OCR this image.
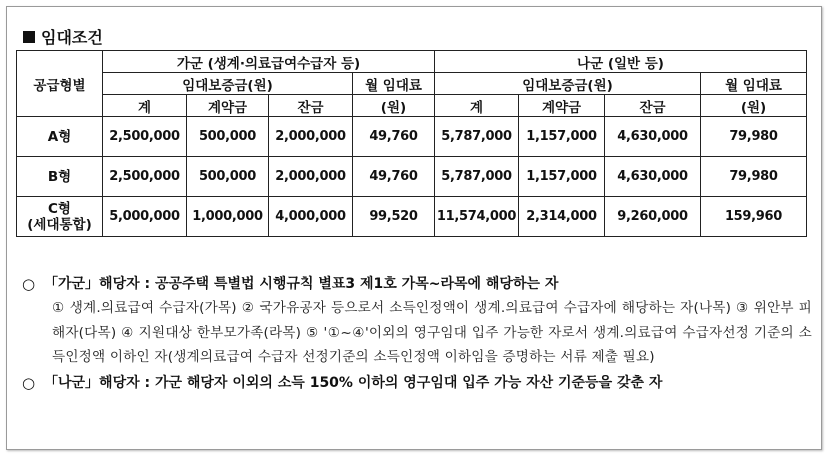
임대조건
공급형별	가군 (생계·의료급여수급자 등)				나군 (일반 등)			
	임대보증금(원)			월 임대료	임대보증금(원)			월 임대료
	계	계약금	잔금	(원)	계	계약금	잔금	(원)
A형	2,500,000	500,000	2,000,000	49,760	5,787,000	1,157,000	4,630,000	79,980
B형	2,500,000	500,000	2,000,000	49,760	5,787,000	1,157,000	4,630,000	79,980

C형
(세대통합)	5,000,000	1,000,000	4,000,000	99,520	11,574,000	2,314,000	9,260,000	159,960
○ 「가군」해당자 : 공공주택 특별법 시행규칙 별표3 제1호 가목~라목에 해당하는 자
① 생계.의료급여 수급자(가목) ② 국가유공자 등으로서 소득인정액이 생계.의료급여 수급자에 해당하는 자(나목) ③ 위안부 피해자(다목) ④ 지원대상 한부모가족(라목) ⑤ '①~④'이외의 영구임대 입주 가능한 자로서 생계.의료급여 수급자선정 기준의 소득인정액 이하인 자(생계의료급여 수급자 선정기준의 소득인정액 이하임을 증명하는 서류 제출 필요)
○ 「나군」해당자 : 가군 해당자 이외의 소득 150% 이하의 영구임대 입주 가능 자산 기준등을 갖춘 자
